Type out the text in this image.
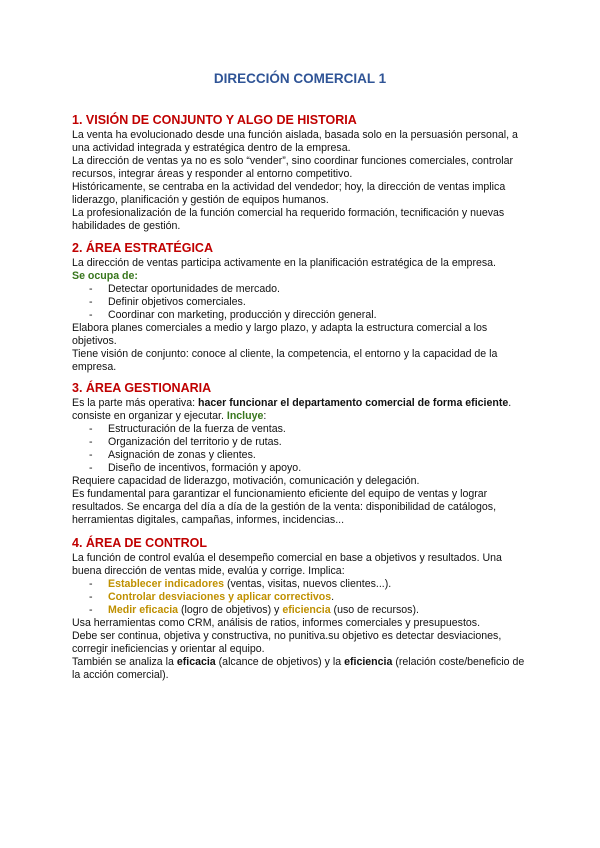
DIRECCIÓN COMERCIAL 1
1. VISIÓN DE CONJUNTO Y ALGO DE HISTORIA

La venta ha evolucionado desde una función aislada, basada solo en la persuasión personal, a una actividad integrada y estratégica dentro de la empresa.

La dirección de ventas ya no es solo “vender”, sino coordinar funciones comerciales, controlar recursos, integrar áreas y responder al entorno competitivo.

Históricamente, se centraba en la actividad del vendedor; hoy, la dirección de ventas implica liderazgo, planificación y gestión de equipos humanos.

La profesionalización de la función comercial ha requerido formación, tecnificación y nuevas habilidades de gestión.

2. ÁREA ESTRATÉGICA

La dirección de ventas participa activamente en la planificación estratégica de la empresa.

Se ocupa de:

- Detectar oportunidades de mercado.

- Definir objetivos comerciales.

- Coordinar con marketing, producción y dirección general.

Elabora planes comerciales a medio y largo plazo, y adapta la estructura comercial a los objetivos.

Tiene visión de conjunto: conoce al cliente, la competencia, el entorno y la capacidad de la empresa.

3. ÁREA GESTIONARIA

Es la parte más operativa: hacer funcionar el departamento comercial de forma eficiente. consiste en organizar y ejecutar. Incluye:

- Estructuración de la fuerza de ventas.

- Organización del territorio y de rutas.

- Asignación de zonas y clientes.

- Diseño de incentivos, formación y apoyo.

Requiere capacidad de liderazgo, motivación, comunicación y delegación.

Es fundamental para garantizar el funcionamiento eficiente del equipo de ventas y lograr resultados. Se encarga del día a día de la gestión de la venta: disponibilidad de catálogos, herramientas digitales, campañas, informes, incidencias...

4. ÁREA DE CONTROL

La función de control evalúa el desempeño comercial en base a objetivos y resultados. Una buena dirección de ventas mide, evalúa y corrige. Implica:

- Establecer indicadores (ventas, visitas, nuevos clientes...).

- Controlar desviaciones y aplicar correctivos.

- Medir eficacia (logro de objetivos) y eficiencia (uso de recursos).

Usa herramientas como CRM, análisis de ratios, informes comerciales y presupuestos.

Debe ser continua, objetiva y constructiva, no punitiva.su objetivo es detectar desviaciones, corregir ineficiencias y orientar al equipo.

También se analiza la eficacia (alcance de objetivos) y la eficiencia (relación coste/beneficio de la acción comercial).
